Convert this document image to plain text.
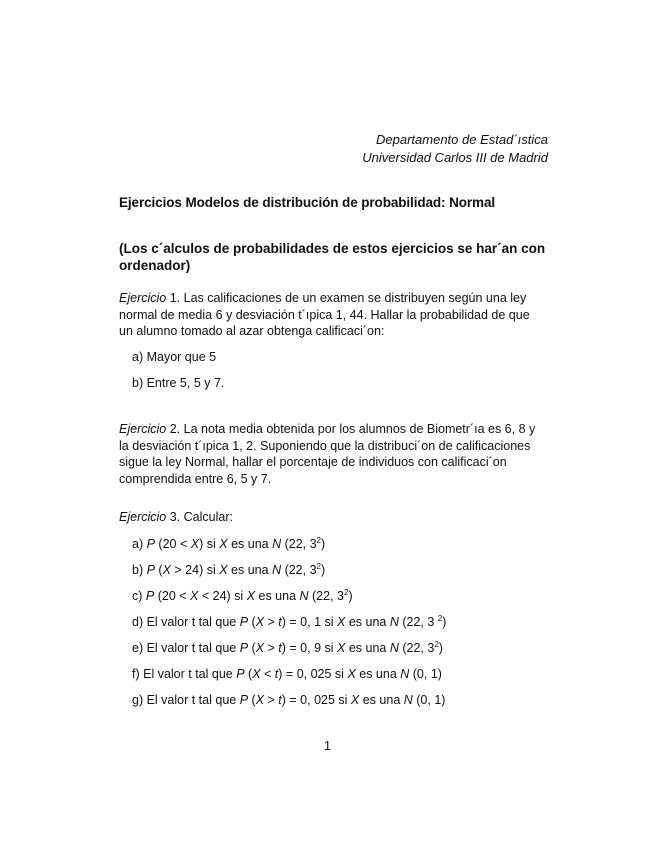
Departamento de Estad´ıstica
Universidad Carlos III de Madrid
Ejercicios Modelos de distribución de probabilidad: Normal
(Los c´alculos de probabilidades de estos ejercicios se har´an con ordenador)
Ejercicio 1. Las calificaciones de un examen se distribuyen según una ley normal de media 6 y desviación t´ıpica 1, 44. Hallar la probabilidad de que un alumno tomado al azar obtenga calificaci´on:
a) Mayor que 5
b) Entre 5, 5 y 7.
Ejercicio 2. La nota media obtenida por los alumnos de Biometr´ıa es 6, 8 y la desviación t´ıpica 1, 2. Suponiendo que la distribuci´on de calificaciones sigue la ley Normal, hallar el porcentaje de individuos con calificaci´on comprendida entre 6, 5 y 7.
Ejercicio 3. Calcular:
a) P (20 < X) si X es una N (22, $3^2$)
b) P (X > 24) si X es una N (22, $3^2$)
c) P (20 < X < 24) si X es una N (22, $3^2$)
d) El valor t tal que P (X > t) = 0, 1 si X es una N (22, 3 $^2$)
e) El valor t tal que P (X > t) = 0, 9 si X es una N (22, $3^2$)
f) El valor t tal que P (X < t) = 0, 025 si X es una N (0, 1)
g) El valor t tal que P (X > t) = 0, 025 si X es una N (0, 1)
1
